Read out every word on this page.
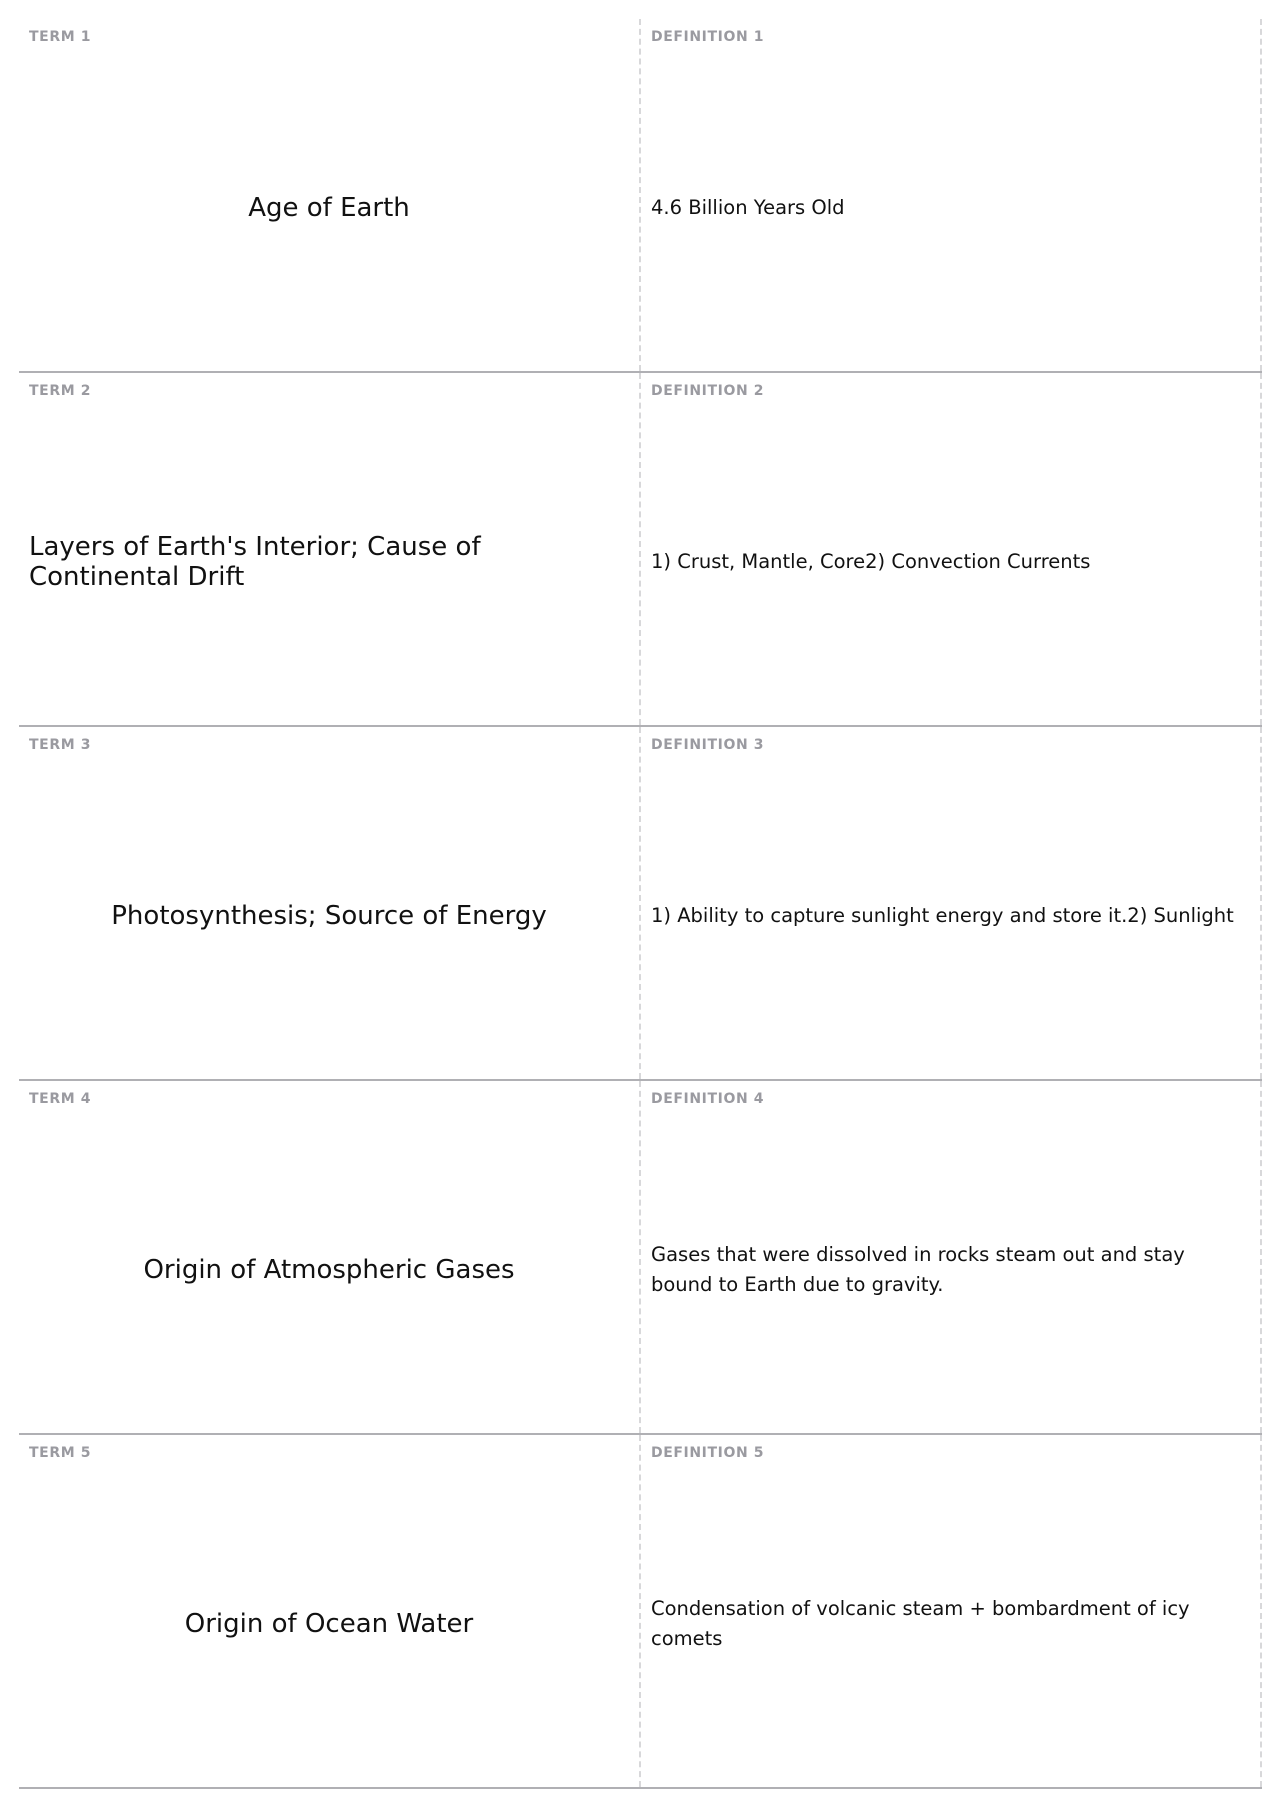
TERM 1
Age of Earth
DEFINITION 1
4.6 Billion Years Old
TERM 2
Layers of Earth's Interior; Cause of Continental Drift
DEFINITION 2
1) Crust, Mantle, Core2) Convection Currents
TERM 3
Photosynthesis; Source of Energy
DEFINITION 3
1) Ability to capture sunlight energy and store it.2) Sunlight
TERM 4
Origin of Atmospheric Gases
DEFINITION 4
Gases that were dissolved in rocks steam out and stay bound to Earth due to gravity.
TERM 5
Origin of Ocean Water
DEFINITION 5
Condensation of volcanic steam + bombardment of icy comets
